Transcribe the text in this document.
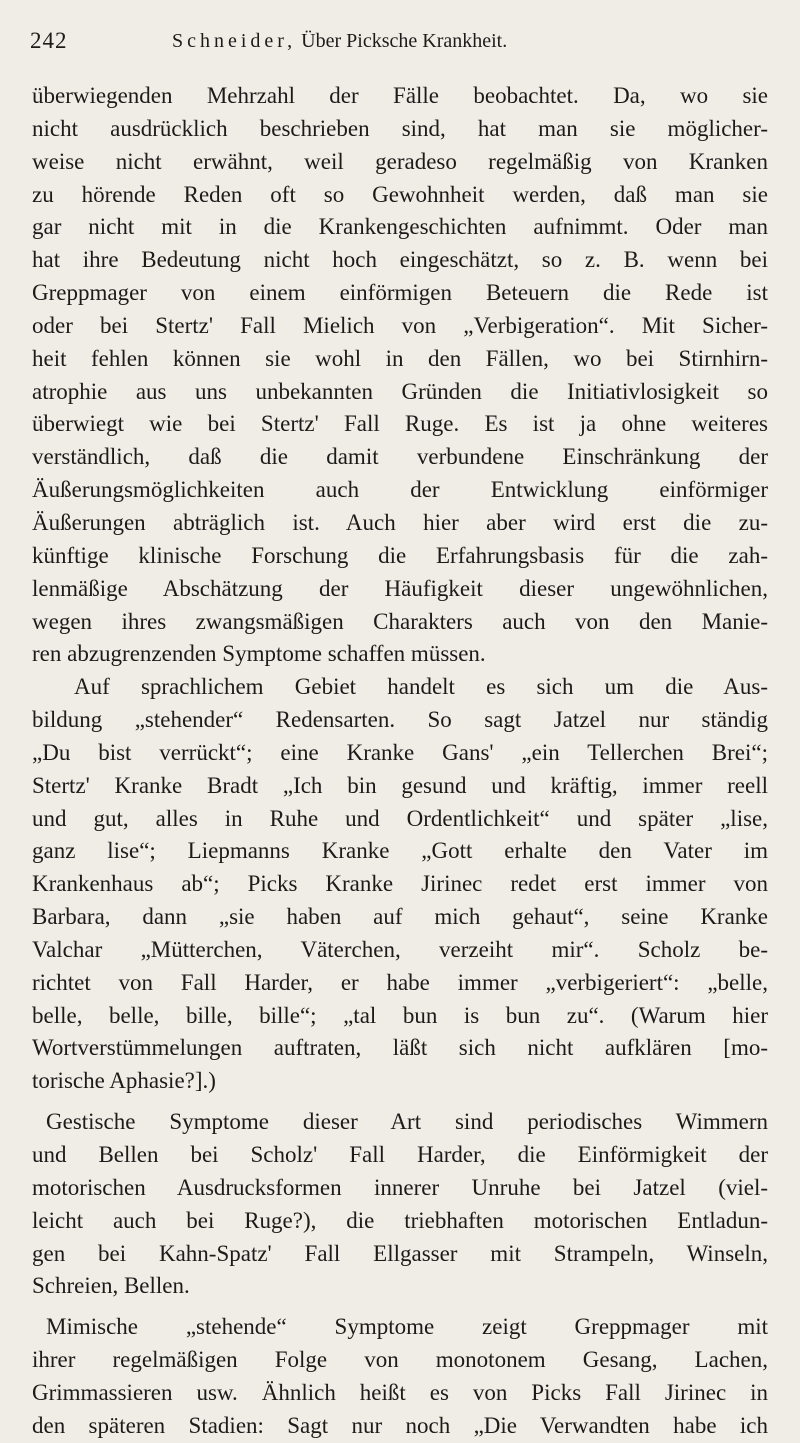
242	Schneider, Über Picksche Krankheit.
überwiegenden Mehrzahl der Fälle beobachtet. Da, wo sie
nicht ausdrücklich beschrieben sind, hat man sie möglicher-
weise nicht erwähnt, weil geradeso regelmäßig von Kranken
zu hörende Reden oft so Gewohnheit werden, daß man sie
gar nicht mit in die Krankengeschichten aufnimmt. Oder man
hat ihre Bedeutung nicht hoch eingeschätzt, so z. B. wenn bei
Greppmager von einem einförmigen Beteuern die Rede ist
oder bei Stertz' Fall Mielich von „Verbigeration“. Mit Sicher-
heit fehlen können sie wohl in den Fällen, wo bei Stirnhirn-
atrophie aus uns unbekannten Gründen die Initiativlosigkeit so
überwiegt wie bei Stertz' Fall Ruge. Es ist ja ohne weiteres
verständlich, daß die damit verbundene Einschränkung der
Äußerungsmöglichkeiten auch der Entwicklung einförmiger
Äußerungen abträglich ist. Auch hier aber wird erst die zu-
künftige klinische Forschung die Erfahrungsbasis für die zah-
lenmäßige Abschätzung der Häufigkeit dieser ungewöhnlichen,
wegen ihres zwangsmäßigen Charakters auch von den Manie-
ren abzugrenzenden Symptome schaffen müssen.
Auf sprachlichem Gebiet handelt es sich um die Aus-
bildung „stehender“ Redensarten. So sagt Jatzel nur ständig
„Du bist verrückt“; eine Kranke Gans' „ein Tellerchen Brei“;
Stertz' Kranke Bradt „Ich bin gesund und kräftig, immer reell
und gut, alles in Ruhe und Ordentlichkeit“ und später „lise,
ganz lise“; Liepmanns Kranke „Gott erhalte den Vater im
Krankenhaus ab“; Picks Kranke Jirinec redet erst immer von
Barbara, dann „sie haben auf mich gehaut“, seine Kranke
Valchar „Mütterchen, Väterchen, verzeiht mir“. Scholz be-
richtet von Fall Harder, er habe immer „verbigeriert“: „belle,
belle, belle, bille, bille“; „tal bun is bun zu“. (Warum hier
Wortverstümmelungen auftraten, läßt sich nicht aufklären [mo-
torische Aphasie?].)
Gestische Symptome dieser Art sind periodisches Wimmern
und Bellen bei Scholz' Fall Harder, die Einförmigkeit der
motorischen Ausdrucksformen innerer Unruhe bei Jatzel (viel-
leicht auch bei Ruge?), die triebhaften motorischen Entladun-
gen bei Kahn-Spatz' Fall Ellgasser mit Strampeln, Winseln,
Schreien, Bellen.
Mimische „stehende“ Symptome zeigt Greppmager mit
ihrer regelmäßigen Folge von monotonem Gesang, Lachen,
Grimmassieren usw. Ähnlich heißt es von Picks Fall Jirinec in
den späteren Stadien: Sagt nur noch „Die Verwandten habe ich
